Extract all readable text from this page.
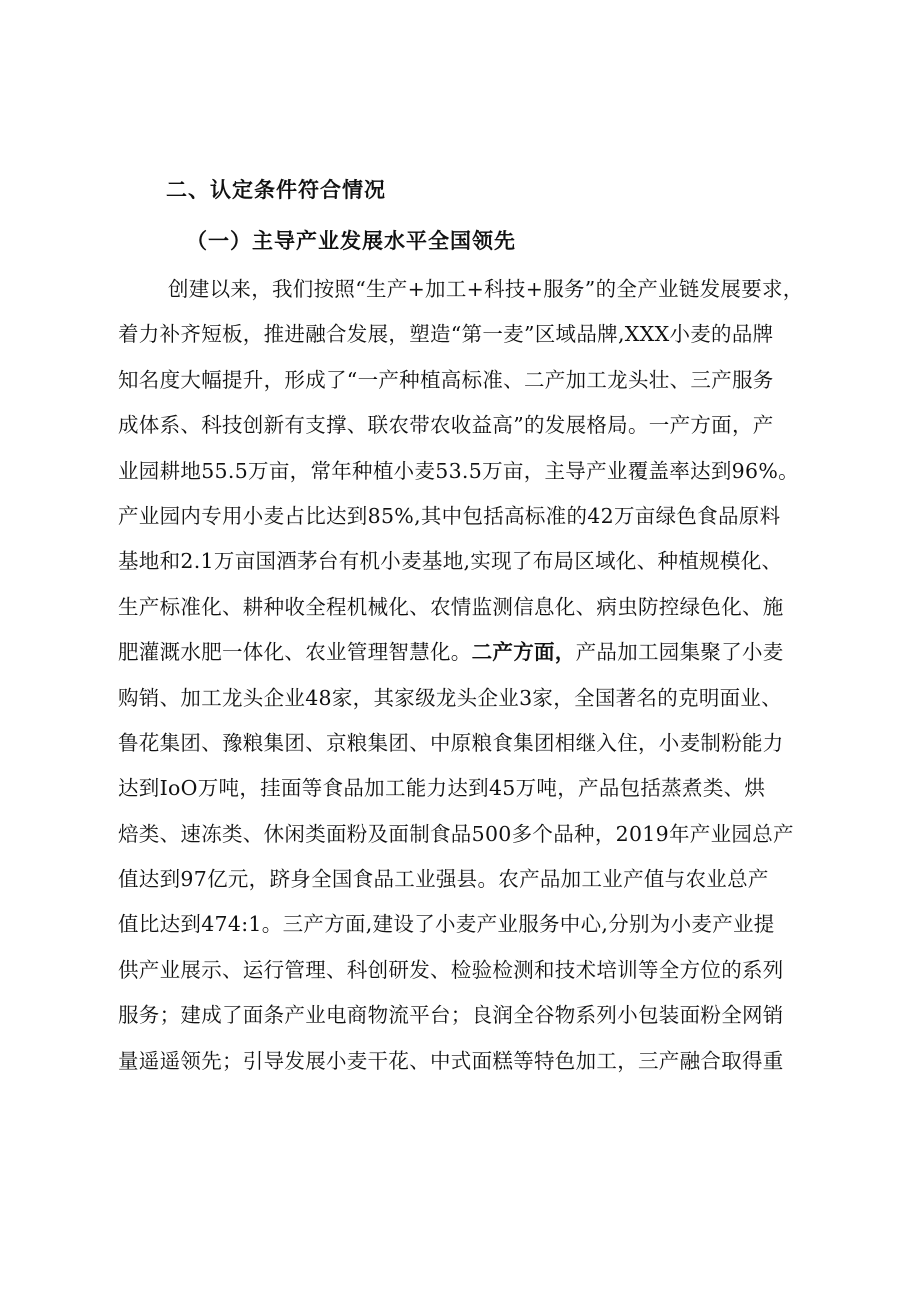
二、认定条件符合情况
（一）主导产业发展水平全国领先
创建以来，我们按照“生产+加工+科技+服务”的全产业链发展要求，
着力补齐短板，推进融合发展，塑造“第一麦”区域品牌,XXX小麦的品牌
知名度大幅提升，形成了“一产种植高标准、二产加工龙头壮、三产服务
成体系、科技创新有支撑、联农带农收益高”的发展格局。一产方面，产
业园耕地55.5万亩，常年种植小麦53.5万亩，主导产业覆盖率达到96%。
产业园内专用小麦占比达到85%,其中包括高标准的42万亩绿色食品原料
基地和2.1万亩国酒茅台有机小麦基地,实现了布局区域化、种植规模化、
生产标准化、耕种收全程机械化、农情监测信息化、病虫防控绿色化、施
肥灌溉水肥一体化、农业管理智慧化。二产方面，产品加工园集聚了小麦
购销、加工龙头企业48家，其家级龙头企业3家，全国著名的克明面业、
鲁花集团、豫粮集团、京粮集团、中原粮食集团相继入住，小麦制粉能力
达到IoO万吨，挂面等食品加工能力达到45万吨，产品包括蒸煮类、烘
焙类、速冻类、休闲类面粉及面制食品500多个品种，2019年产业园总产
值达到97亿元，跻身全国食品工业强县。农产品加工业产值与农业总产
值比达到474:1。三产方面,建设了小麦产业服务中心,分别为小麦产业提
供产业展示、运行管理、科创研发、检验检测和技术培训等全方位的系列
服务；建成了面条产业电商物流平台；良润全谷物系列小包装面粉全网销
量遥遥领先；引导发展小麦干花、中式面糕等特色加工，三产融合取得重
